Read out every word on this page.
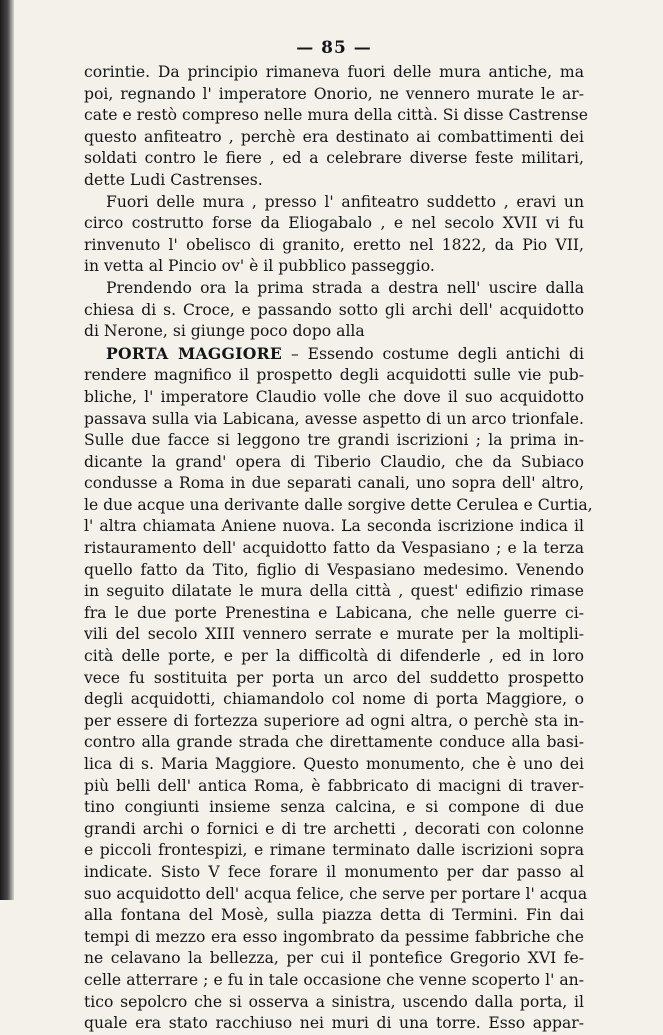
— 85 —
corintie. Da principio rimaneva fuori delle mura antiche, ma
poi, regnando l' imperatore Onorio, ne vennero murate le ar-
cate e restò compreso nelle mura della città. Si disse Castrense
questo anfiteatro , perchè era destinato ai combattimenti dei
soldati contro le fiere , ed a celebrare diverse feste militari,
dette Ludi Castrenses.
Fuori delle mura , presso l' anfiteatro suddetto , eravi un
circo costrutto forse da Eliogabalo , e nel secolo XVII vi fu
rinvenuto l' obelisco di granito, eretto nel 1822, da Pio VII,
in vetta al Pincio ov' è il pubblico passeggio.
Prendendo ora la prima strada a destra nell' uscire dalla
chiesa di s. Croce, e passando sotto gli archi dell' acquidotto
di Nerone, si giunge poco dopo alla
PORTA MAGGIORE – Essendo costume degli antichi di
rendere magnifico il prospetto degli acquidotti sulle vie pub-
bliche, l' imperatore Claudio volle che dove il suo acquidotto
passava sulla via Labicana, avesse aspetto di un arco trionfale.
Sulle due facce si leggono tre grandi iscrizioni ; la prima in-
dicante la grand' opera di Tiberio Claudio, che da Subiaco
condusse a Roma in due separati canali, uno sopra dell' altro,
le due acque una derivante dalle sorgive dette Cerulea e Curtia,
l' altra chiamata Aniene nuova. La seconda iscrizione indica il
ristauramento dell' acquidotto fatto da Vespasiano ; e la terza
quello fatto da Tito, figlio di Vespasiano medesimo. Venendo
in seguito dilatate le mura della città , quest' edifizio rimase
fra le due porte Prenestina e Labicana, che nelle guerre ci-
vili del secolo XIII vennero serrate e murate per la moltipli-
cità delle porte, e per la difficoltà di difenderle , ed in loro
vece fu sostituita per porta un arco del suddetto prospetto
degli acquidotti, chiamandolo col nome di porta Maggiore, o
per essere di fortezza superiore ad ogni altra, o perchè sta in-
contro alla grande strada che direttamente conduce alla basi-
lica di s. Maria Maggiore. Questo monumento, che è uno dei
più belli dell' antica Roma, è fabbricato di macigni di traver-
tino congiunti insieme senza calcina, e si compone di due
grandi archi o fornici e di tre archetti , decorati con colonne
e piccoli frontespizi, e rimane terminato dalle iscrizioni sopra
indicate. Sisto V fece forare il monumento per dar passo al
suo acquidotto dell' acqua felice, che serve per portare l' acqua
alla fontana del Mosè, sulla piazza detta di Termini. Fin dai
tempi di mezzo era esso ingombrato da pessime fabbriche che
ne celavano la bellezza, per cui il pontefice Gregorio XVI fe-
celle atterrare ; e fu in tale occasione che venne scoperto l' an-
tico sepolcro che si osserva a sinistra, uscendo dalla porta, il
quale era stato racchiuso nei muri di una torre. Esso appar-
